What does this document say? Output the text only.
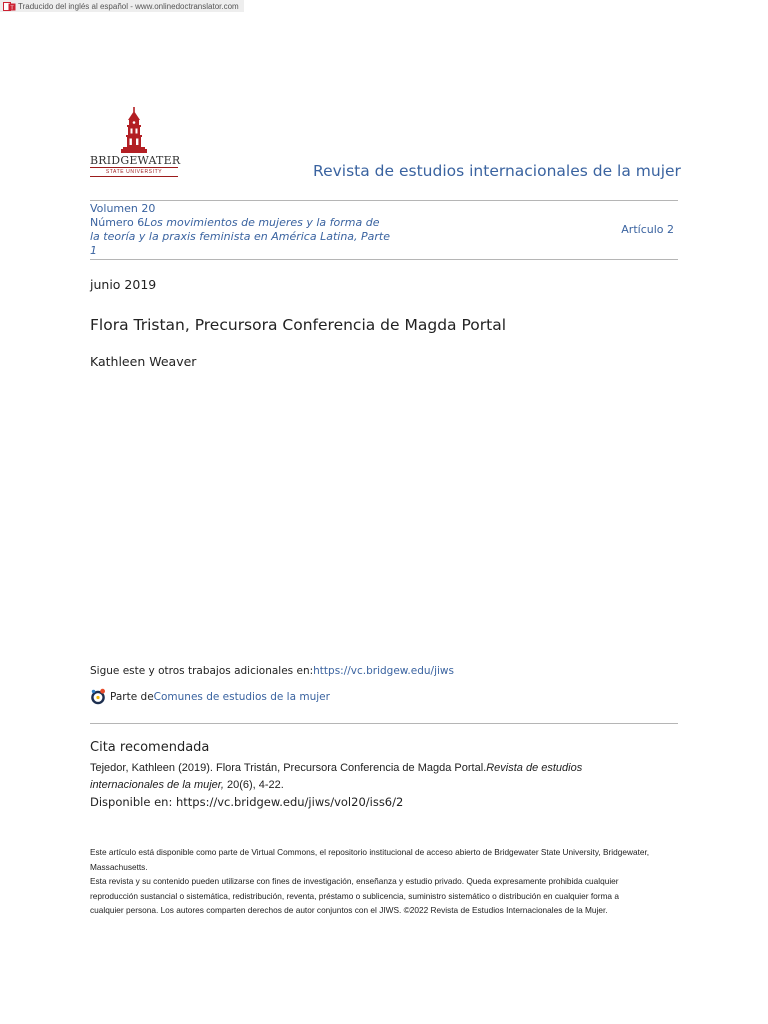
T Traducido del inglés al español - www.onlinedoctranslator.com
BRIDGEWATER
STATE UNIVERSITY	Revista de estudios internacionales de la mujer
Volumen 20
Número 6Los movimientos de mujeres y la forma de la teoría y la praxis feminista en América Latina, Parte 1
Artículo 2
junio 2019
Flora Tristan, Precursora Conferencia de Magda Portal
Kathleen Weaver
Sigue este y otros trabajos adicionales en:https://vc.bridgew.edu/jiws
Parte de Comunes de estudios de la mujer
Cita recomendada
Tejedor, Kathleen (2019). Flora Tristán, Precursora Conferencia de Magda Portal.Revista de estudios internacionales de la mujer, 20(6), 4-22.
Disponible en: https://vc.bridgew.edu/jiws/vol20/iss6/2
Este artículo está disponible como parte de Virtual Commons, el repositorio institucional de acceso abierto de Bridgewater State University, Bridgewater, Massachusetts.
Esta revista y su contenido pueden utilizarse con fines de investigación, enseñanza y estudio privado. Queda expresamente prohibida cualquier reproducción sustancial o sistemática, redistribución, reventa, préstamo o sublicencia, suministro sistemático o distribución en cualquier forma a cualquier persona. Los autores comparten derechos de autor conjuntos con el JIWS. ©2022 Revista de Estudios Internacionales de la Mujer.
